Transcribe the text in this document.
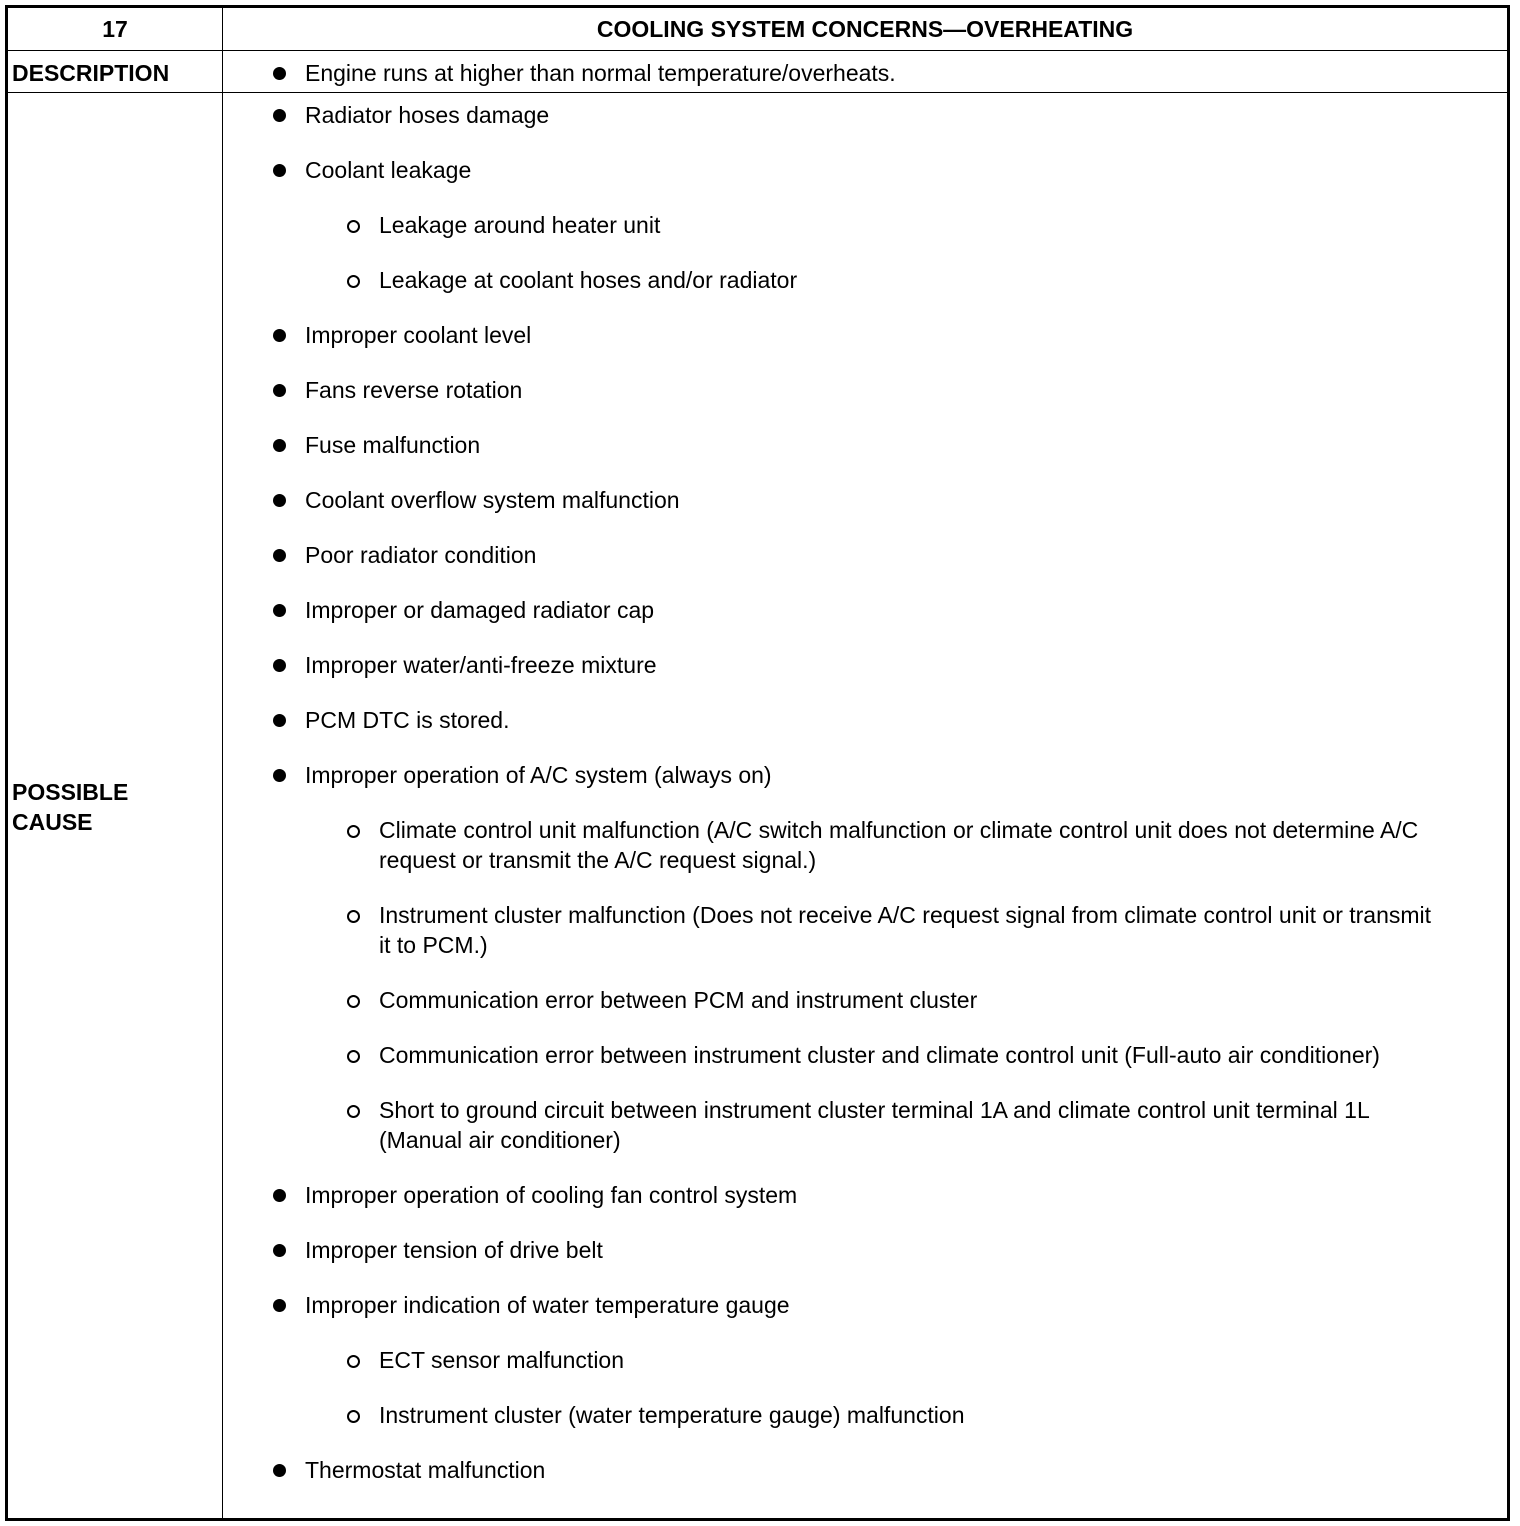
17	COOLING SYSTEM CONCERNS—OVERHEATING
DESCRIPTION	Engine runs at higher than normal temperature/overheats.
POSSIBLE
CAUSE
Radiator hoses damage
Coolant leakage
Leakage around heater unit
Leakage at coolant hoses and/or radiator
Improper coolant level
Fans reverse rotation
Fuse malfunction
Coolant overflow system malfunction
Poor radiator condition
Improper or damaged radiator cap
Improper water/anti-freeze mixture
PCM DTC is stored.
Improper operation of A/C system (always on)
Climate control unit malfunction (A/C switch malfunction or climate control unit does not determine A/C request or transmit the A/C request signal.)
Instrument cluster malfunction (Does not receive A/C request signal from climate control unit or transmit it to PCM.)
Communication error between PCM and instrument cluster
Communication error between instrument cluster and climate control unit (Full-auto air conditioner)
Short to ground circuit between instrument cluster terminal 1A and climate control unit terminal 1L (Manual air conditioner)
Improper operation of cooling fan control system
Improper tension of drive belt
Improper indication of water temperature gauge
ECT sensor malfunction
Instrument cluster (water temperature gauge) malfunction
Thermostat malfunction
